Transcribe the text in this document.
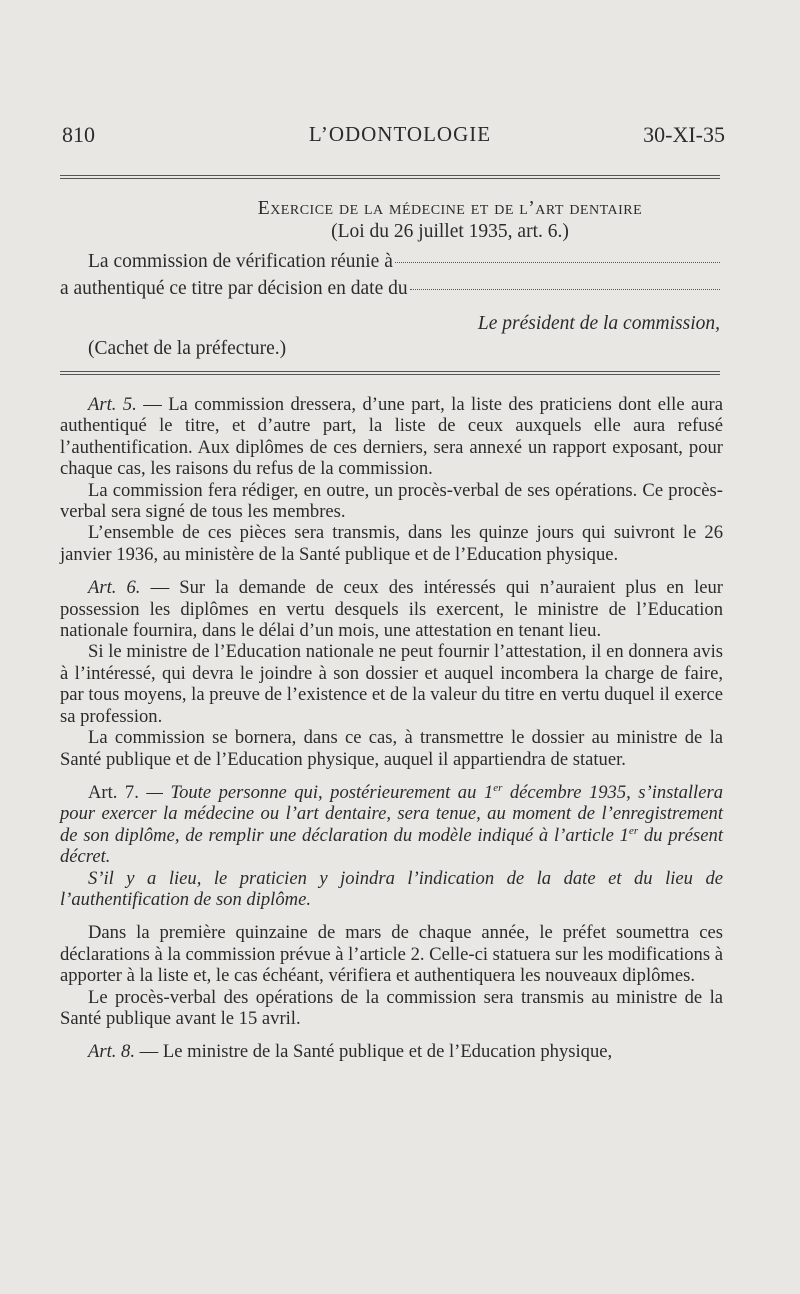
810	L’ODONTOLOGIE	30-XI-35
Exercice de la médecine et de l’art dentaire
(Loi du 26 juillet 1935, art. 6.)
La commission de vérification réunie à
a authentiqué ce titre par décision en date du
Le président de la commission,
(Cachet de la préfecture.)

Art. 5. — La commission dressera, d’une part, la liste des praticiens dont elle aura authentiqué le titre, et d’autre part, la liste de ceux auxquels elle aura refusé l’authentification. Aux diplômes de ces derniers, sera annexé un rapport exposant, pour chaque cas, les raisons du refus de la commission.

La commission fera rédiger, en outre, un procès-verbal de ses opérations. Ce procès-verbal sera signé de tous les membres.

L’ensemble de ces pièces sera transmis, dans les quinze jours qui suivront le 26 janvier 1936, au ministère de la Santé publique et de l’Education physique.

Art. 6. — Sur la demande de ceux des intéressés qui n’auraient plus en leur possession les diplômes en vertu desquels ils exercent, le ministre de l’Education nationale fournira, dans le délai d’un mois, une attestation en tenant lieu.

Si le ministre de l’Education nationale ne peut fournir l’attestation, il en donnera avis à l’intéressé, qui devra le joindre à son dossier et auquel incombera la charge de faire, par tous moyens, la preuve de l’existence et de la valeur du titre en vertu duquel il exerce sa profession.

La commission se bornera, dans ce cas, à transmettre le dossier au ministre de la Santé publique et de l’Education physique, auquel il appartiendra de statuer.

Art. 7. — Toute personne qui, postérieurement au 1er décembre 1935, s’installera pour exercer la médecine ou l’art dentaire, sera tenue, au moment de l’enregistrement de son diplôme, de remplir une déclaration du modèle indiqué à l’article 1er du présent décret.

S’il y a lieu, le praticien y joindra l’indication de la date et du lieu de l’authentification de son diplôme.

Dans la première quinzaine de mars de chaque année, le préfet soumettra ces déclarations à la commission prévue à l’article 2. Celle-ci statuera sur les modifications à apporter à la liste et, le cas échéant, vérifiera et authentiquera les nouveaux diplômes.

Le procès-verbal des opérations de la commission sera transmis au ministre de la Santé publique avant le 15 avril.

Art. 8. — Le ministre de la Santé publique et de l’Education physique,
